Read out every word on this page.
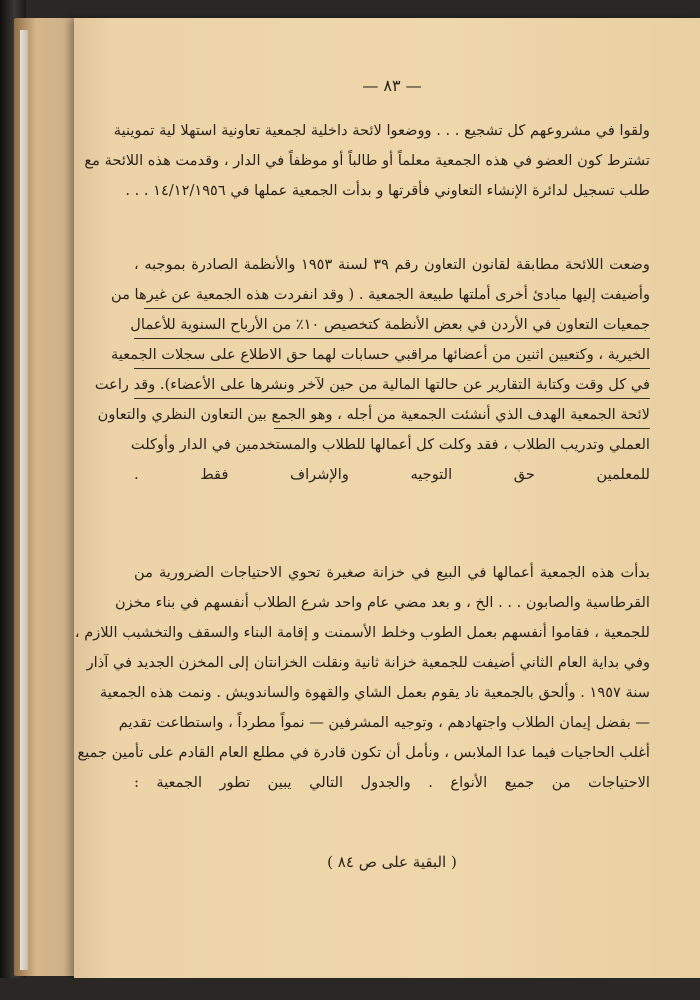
— ٨٣ —
ولقوا في مشروعهم كل تشجيع . . . ووضعوا لائحة داخلية لجمعية تعاونية استهلا لية تموينية
تشترط كون العضو في هذه الجمعية معلماً أو طالباً أو موظفاً في الدار ، وقدمت هذه اللائحة مع
طلب تسجيل لدائرة الإنشاء التعاوني فأقرتها و بدأت الجمعية عملها في ١٤/١٢/١٩٥٦ . . .
وضعت اللائحة مطابقة لقانون التعاون رقم ٣٩ لسنة ١٩٥٣ والأنظمة الصادرة بموجبه ،
وأضيفت إليها مبادئ أخرى أملتها طبيعة الجمعية . ( وقد انفردت هذه الجمعية عن غيرها من
جمعيات التعاون في الأردن في بعض الأنظمة كتخصيص ١٠٪ من الأرباح السنوية للأعمال
الخيرية ، وكتعيين اثنين من أعضائها مراقبي حسابات لهما حق الاطلاع على سجلات الجمعية
في كل وقت وكتابة التقارير عن حالتها المالية من حين لآخر ونشرها على الأعضاء). وقد راعت
لائحة الجمعية الهدف الذي أنشئت الجمعية من أجله ، وهو الجمع بين التعاون النظري والتعاون
العملي وتدريب الطلاب ، فقد وكلت كل أعمالها للطلاب والمستخدمين في الدار وأوكلت
للمعلمين حق التوجيه والإشراف فقط .
بدأت هذه الجمعية أعمالها في البيع في خزانة صغيرة تحوي الاحتياجات الضرورية من
القرطاسية والصابون . . . الخ ، و بعد مضي عام واحد شرع الطلاب أنفسهم في بناء مخزن
للجمعية ، فقاموا أنفسهم بعمل الطوب وخلط الأسمنت و إقامة البناء والسقف والتخشيب اللازم ،
وفي بداية العام الثاني أضيفت للجمعية خزانة ثانية ونقلت الخزانتان إلى المخزن الجديد في آذار
سنة ١٩٥٧ . وألحق بالجمعية ناد يقوم بعمل الشاي والقهوة والساندويش . ونمت هذه الجمعية
— بفضل إيمان الطلاب واجتهادهم ، وتوجيه المشرفين — نمواً مطرداً ، واستطاعت تقديم
أغلب الحاجيات فيما عدا الملابس ، ونأمل أن تكون قادرة في مطلع العام القادم على تأمين جميع
الاحتياجات من جميع الأنواع . والجدول التالي يبين تطور الجمعية :
( البقية على ص ٨٤ )
